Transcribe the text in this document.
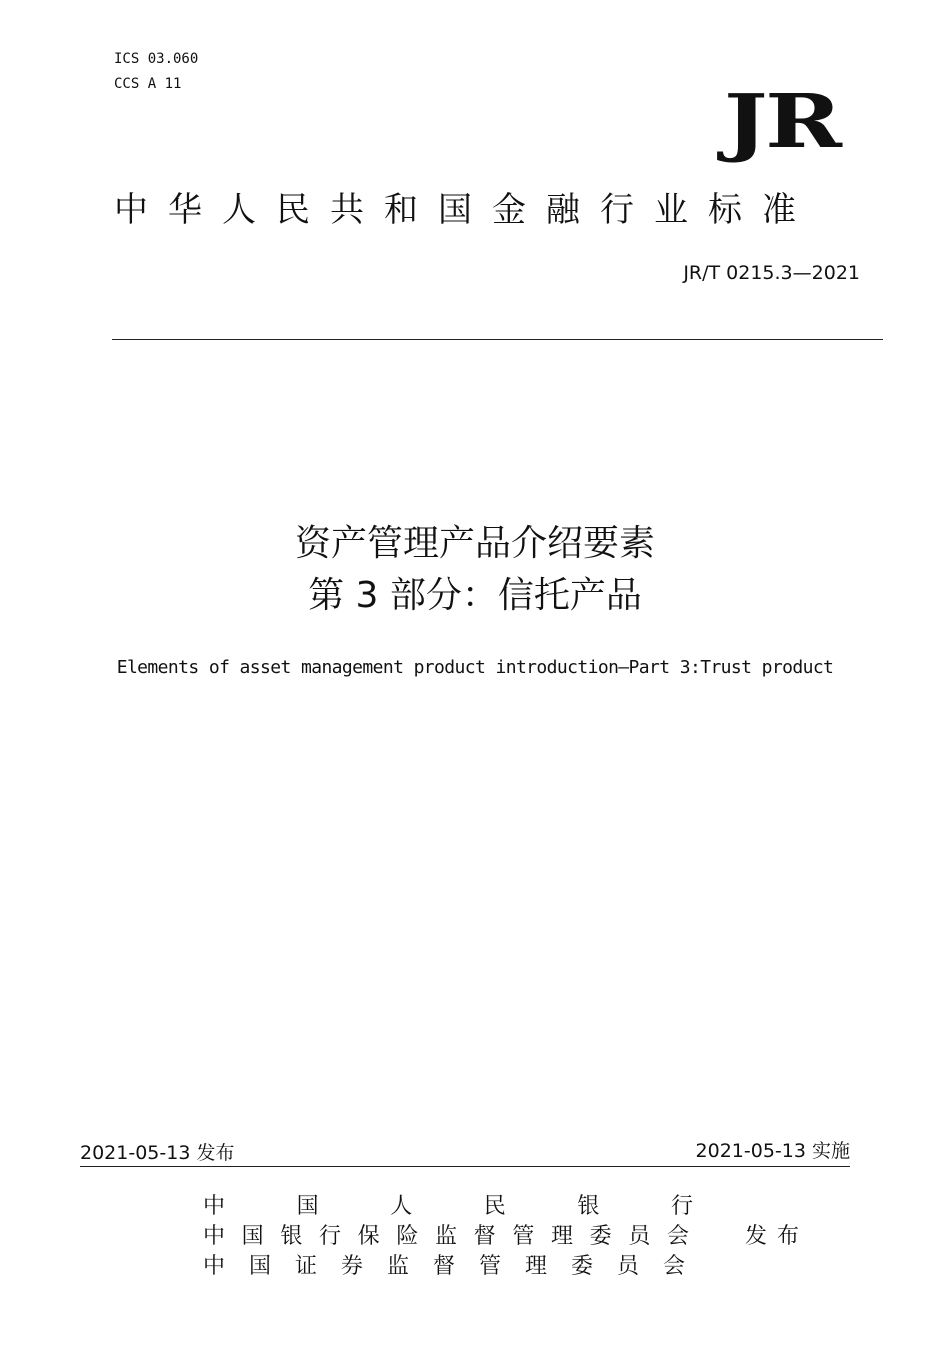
ICS 03.060
CCS A 11	JR
中华人民共和国金融行业标准
JR/T 0215.3—2021
资产管理产品介绍要素
第 3 部分：信托产品
Elements of asset management product introduction—Part 3:Trust product
2021-05-13 发布	2021-05-13 实施
中国人民银行
中国银行保险监督管理委员会
中国证券监督管理委员会
发布
